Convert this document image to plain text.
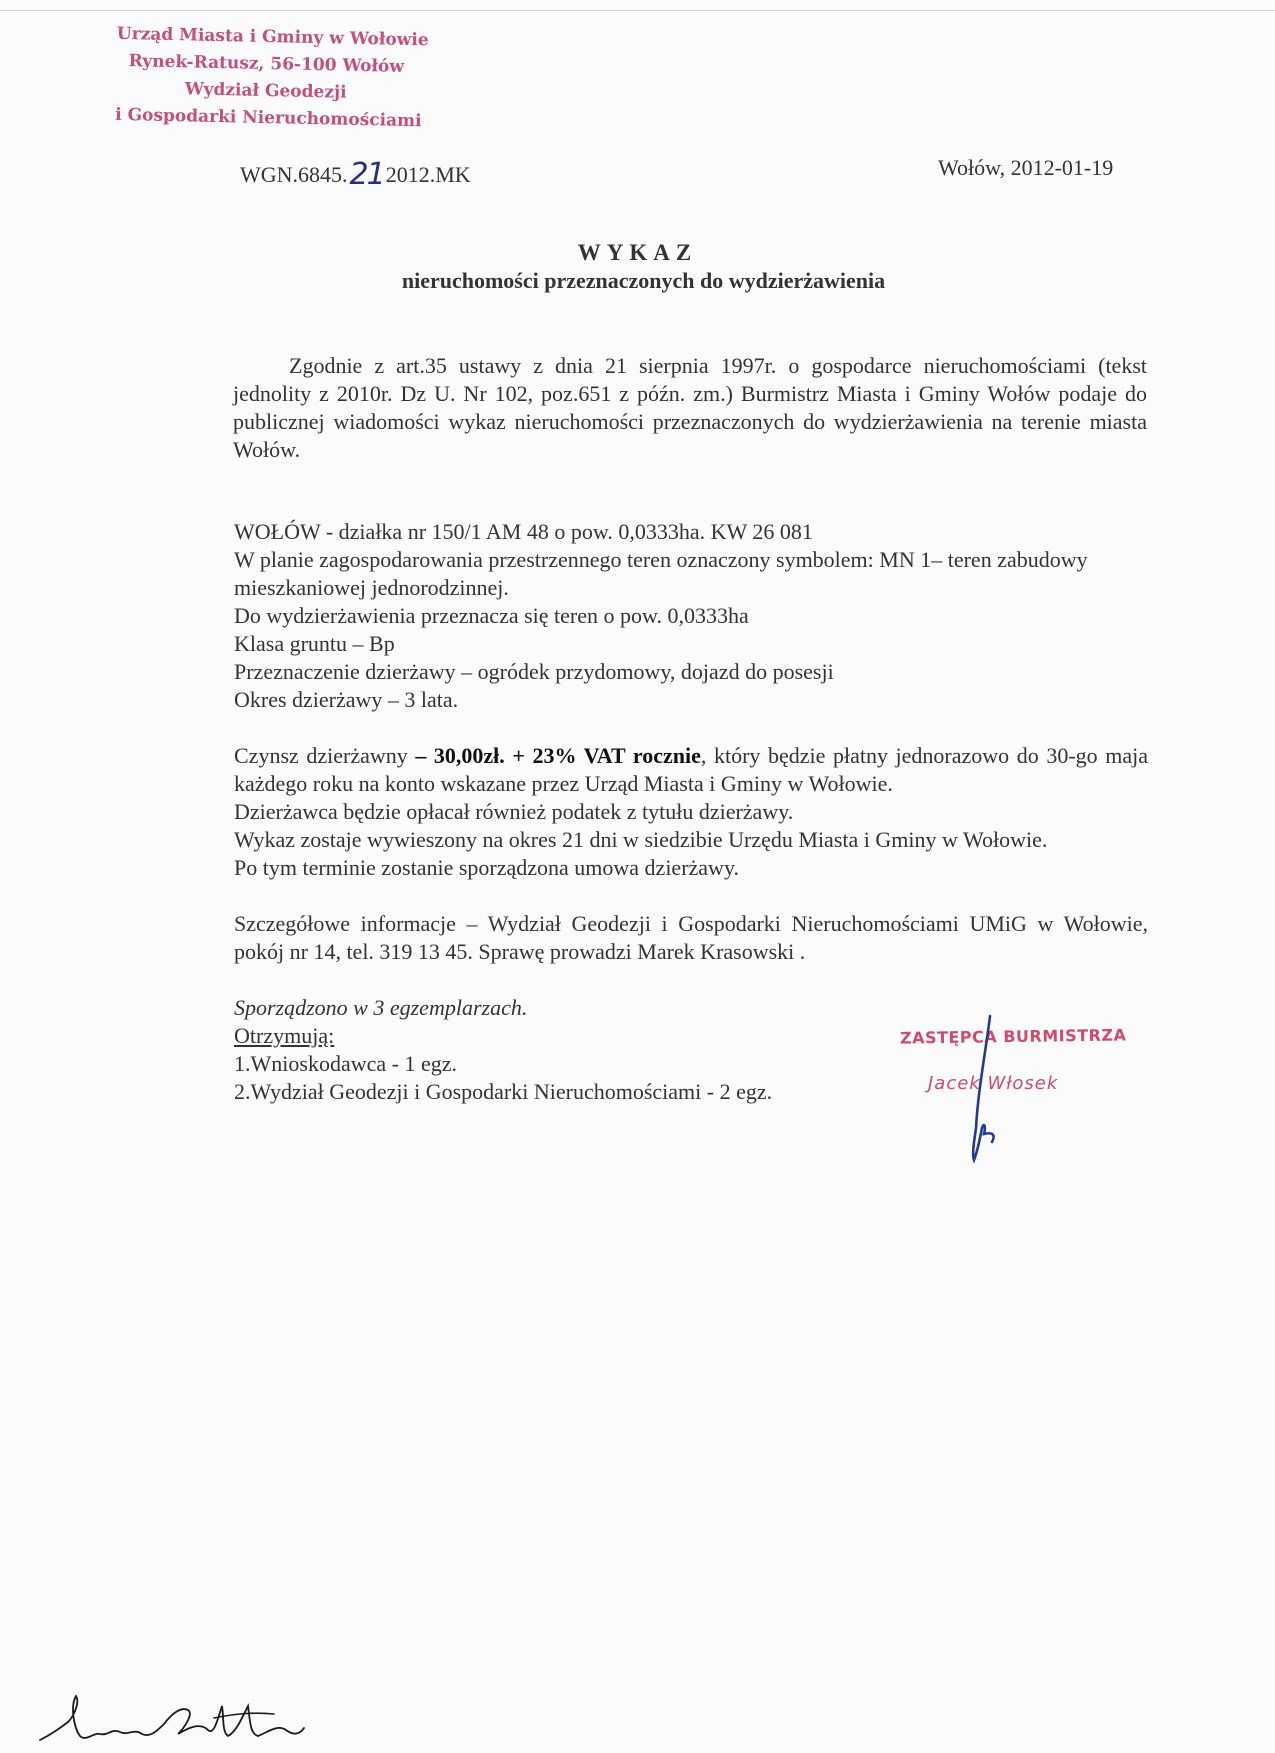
Urząd Miasta i Gminy w Wołowie
Rynek-Ratusz, 56-100 Wołów
Wydział Geodezji
i Gospodarki Nieruchomościami
WGN.6845.212012.MK	Wołów, 2012-01-19
WYKAZ
nieruchomości przeznaczonych do wydzierżawienia

Zgodnie z art.35 ustawy z dnia 21 sierpnia 1997r. o gospodarce nieruchomościami (tekst jednolity z 2010r. Dz U. Nr 102, poz.651 z późn. zm.) Burmistrz Miasta i Gminy Wołów podaje do publicznej wiadomości wykaz nieruchomości przeznaczonych do wydzierżawienia na terenie miasta Wołów.

WOŁÓW - działka nr 150/1 AM 48 o pow. 0,0333ha. KW 26 081

W planie zagospodarowania przestrzennego teren oznaczony symbolem: MN 1– teren zabudowy mieszkaniowej jednorodzinnej.

Do wydzierżawienia przeznacza się teren o pow. 0,0333ha

Klasa gruntu – Bp

Przeznaczenie dzierżawy – ogródek przydomowy, dojazd do posesji

Okres dzierżawy – 3 lata.

Czynsz dzierżawny – 30,00zł. + 23% VAT rocznie, który będzie płatny jednorazowo do 30-go maja każdego roku na konto wskazane przez Urząd Miasta i Gminy w Wołowie.

Dzierżawca będzie opłacał również podatek z tytułu dzierżawy.

Wykaz zostaje wywieszony na okres 21 dni w siedzibie Urzędu Miasta i Gminy w Wołowie.

Po tym terminie zostanie sporządzona umowa dzierżawy.

Szczegółowe informacje – Wydział Geodezji i Gospodarki Nieruchomościami UMiG w Wołowie, pokój nr 14, tel. 319 13 45. Sprawę prowadzi Marek Krasowski .

Sporządzono w 3 egzemplarzach.

Otrzymują:

1.Wnioskodawca - 1 egz.

2.Wydział Geodezji i Gospodarki Nieruchomościami - 2 egz.

ZASTĘPCA BURMISTRZA
Jacek Włosek
